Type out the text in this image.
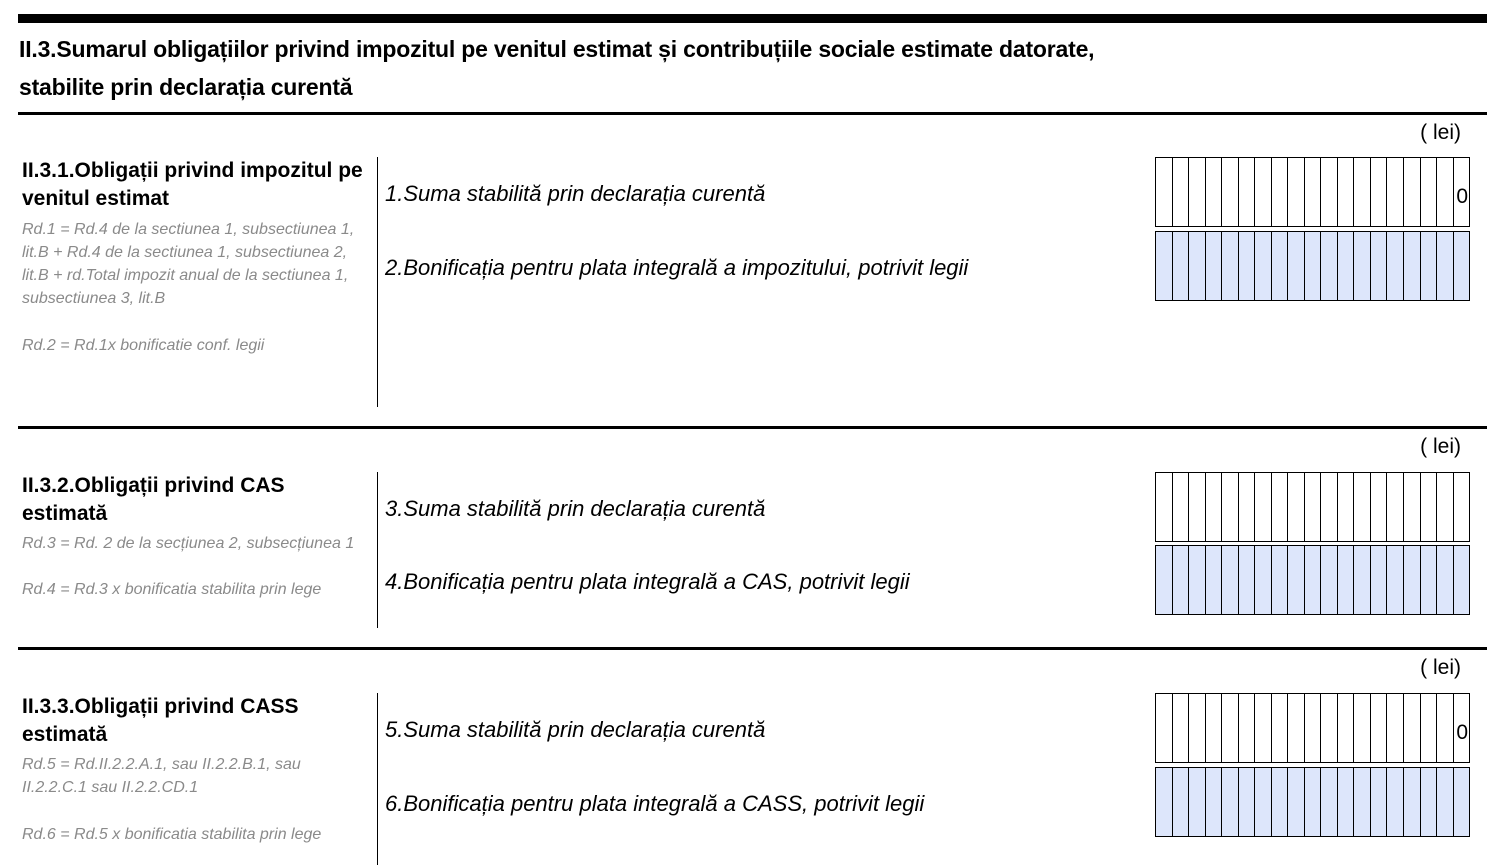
II.3.Sumarul obligațiilor privind impozitul pe venitul estimat și contribuțiile sociale estimate datorate,
stabilite prin declarația curentă
( lei)
II.3.1.Obligații privind impozitul pe venitul estimat
Rd.1 = Rd.4 de la sectiunea 1, subsectiunea 1, lit.B + Rd.4 de la sectiunea 1, subsectiunea 2, lit.B + rd.Total impozit anual de la sectiunea 1, subsectiunea 3, lit.B
Rd.2 = Rd.1x bonificatie conf. legii
1.Suma stabilită prin declarația curentă	0
2.Bonificația pentru plata integrală a impozitului, potrivit legii
( lei)
II.3.2.Obligații privind CAS estimată
Rd.3 = Rd. 2 de la secțiunea 2, subsecțiunea 1
Rd.4 = Rd.3 x bonificatia stabilita prin lege
3.Suma stabilită prin declarația curentă
4.Bonificația pentru plata integrală a CAS, potrivit legii
( lei)
II.3.3.Obligații privind CASS estimată
Rd.5 = Rd.II.2.2.A.1, sau II.2.2.B.1, sau II.2.2.C.1 sau II.2.2.CD.1
Rd.6 = Rd.5 x bonificatia stabilita prin lege
5.Suma stabilită prin declarația curentă	0
6.Bonificația pentru plata integrală a CASS, potrivit legii
